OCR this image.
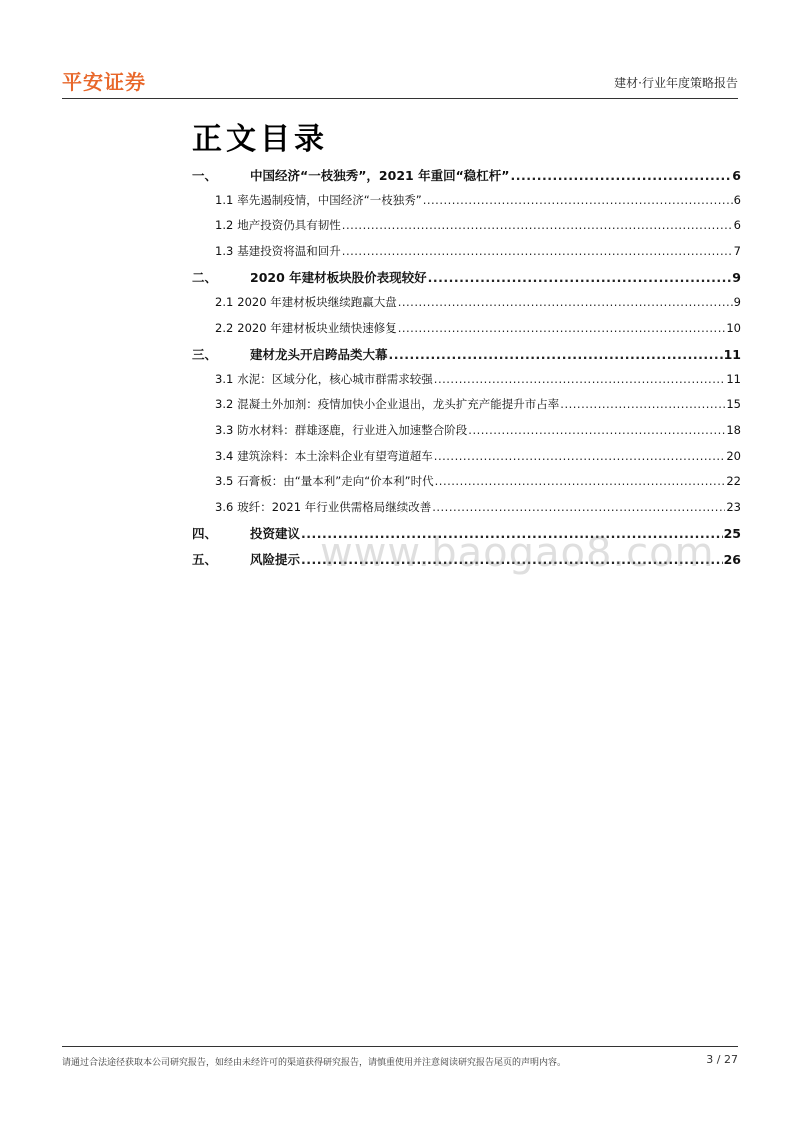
平安证券	建材·行业年度策略报告
正文目录
一、	中国经济“一枝独秀”，2021 年重回“稳杠杆” .....	6
1.1 率先遏制疫情，中国经济“一枝独秀” .....	6
1.2 地产投资仍具有韧性 .....	6
1.3 基建投资将温和回升 .....	7
二、	2020 年建材板块股价表现较好 .....	9
2.1 2020 年建材板块继续跑赢大盘 .....	9
2.2 2020 年建材板块业绩快速修复 .....	10
三、	建材龙头开启跨品类大幕 .....	11
3.1 水泥：区域分化，核心城市群需求较强 .....	11
3.2 混凝土外加剂：疫情加快小企业退出，龙头扩充产能提升市占率 .....	15
3.3 防水材料：群雄逐鹿，行业进入加速整合阶段 .....	18
3.4 建筑涂料：本土涂料企业有望弯道超车 .....	20
3.5 石膏板：由“量本利”走向“价本利”时代 .....	22
3.6 玻纤：2021 年行业供需格局继续改善 .....	23
四、	投资建议 .....	25
五、	风险提示 .....	26
www.baogao8.com
请通过合法途径获取本公司研究报告，如经由未经许可的渠道获得研究报告，请慎重使用并注意阅读研究报告尾页的声明内容。	3 / 27
